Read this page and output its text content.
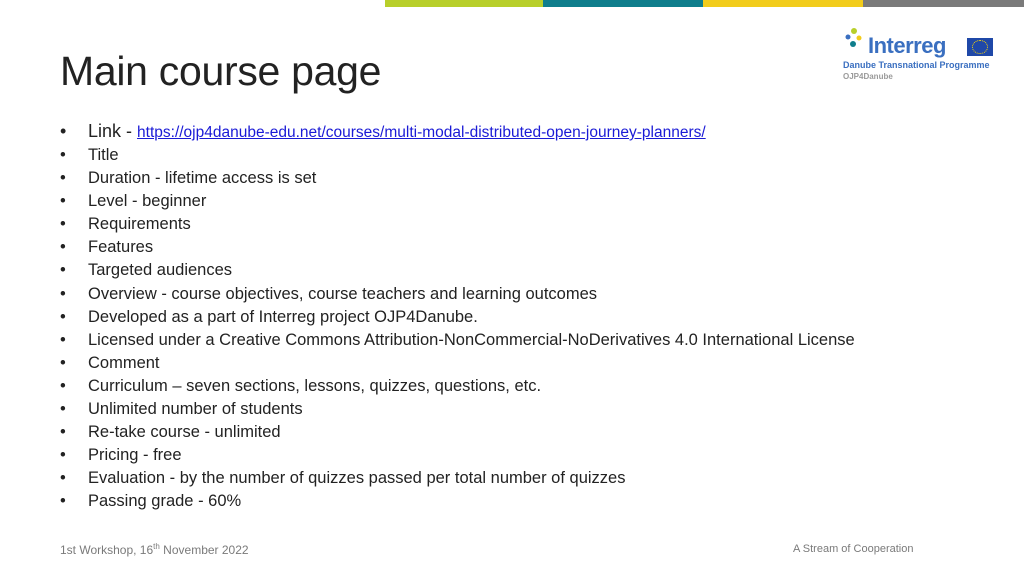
Main course page
Interreg
Danube Transnational Programme
OJP4Danube
• Link - https://ojp4danube-edu.net/courses/multi-modal-distributed-open-journey-planners/
• Title
• Duration - lifetime access is set
• Level - beginner
• Requirements
• Features
• Targeted audiences
• Overview - course objectives, course teachers and learning outcomes
• Developed as a part of Interreg project OJP4Danube.
• Licensed under a Creative Commons Attribution-NonCommercial-NoDerivatives 4.0 International License
• Comment
• Curriculum – seven sections, lessons, quizzes, questions, etc.
• Unlimited number of students
• Re-take course - unlimited
• Pricing - free
• Evaluation - by the number of quizzes passed per total number of quizzes
• Passing grade - 60%
1st Workshop, 16th November 2022	A Stream of Cooperation
